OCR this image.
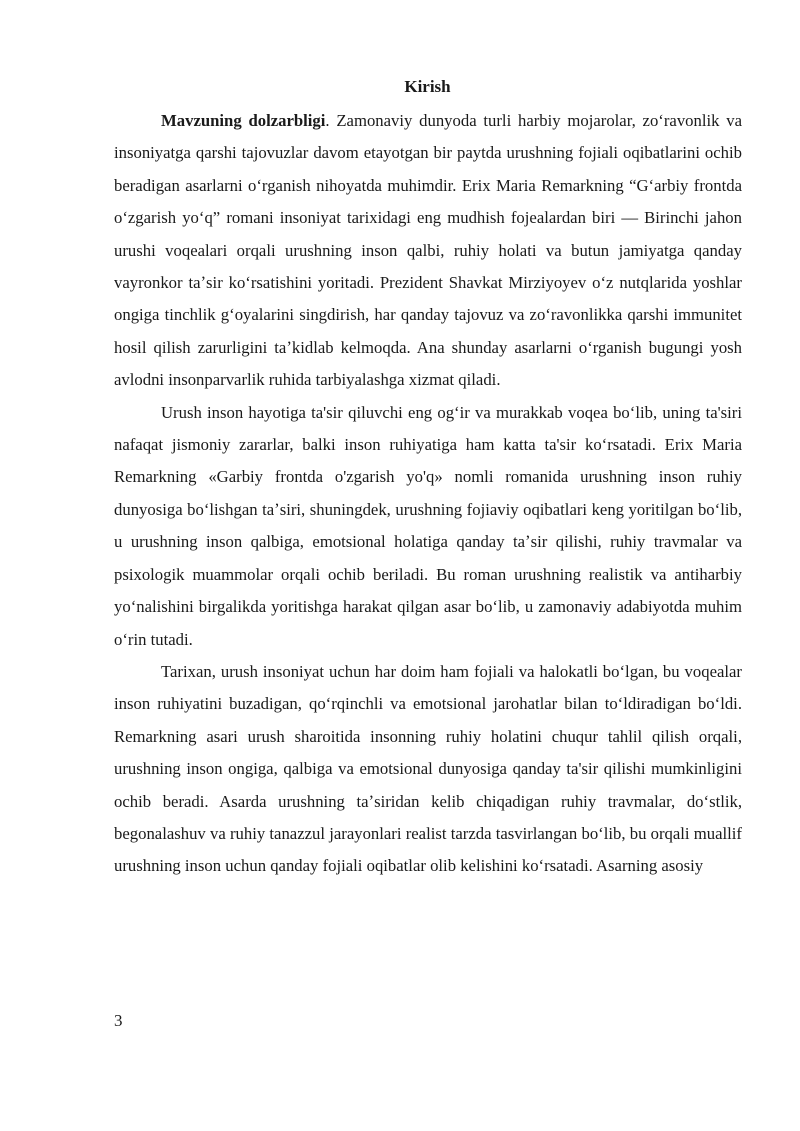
Kirish

Mavzuning dolzarbligi. Zamonaviy dunyoda turli harbiy mojarolar, zoʻravonlik va insoniyatga qarshi tajovuzlar davom etayotgan bir paytda urushning fojiali oqibatlarini ochib beradigan asarlarni oʻrganish nihoyatda muhimdir. Erix Maria Remarkning “Gʻarbiy frontda oʻzgarish yoʻq” romani insoniyat tarixidagi eng mudhish fojealardan biri — Birinchi jahon urushi voqealari orqali urushning inson qalbi, ruhiy holati va butun jamiyatga qanday vayronkor taʼsir koʻrsatishini yoritadi. Prezident Shavkat Mirziyoyev oʻz nutqlarida yoshlar ongiga tinchlik gʻoyalarini singdirish, har qanday tajovuz va zoʻravonlikka qarshi immunitet hosil qilish zarurligini taʼkidlab kelmoqda. Ana shunday asarlarni oʻrganish bugungi yosh avlodni insonparvarlik ruhida tarbiyalashga xizmat qiladi.

Urush inson hayotiga ta'sir qiluvchi eng ogʻir va murakkab voqea boʻlib, uning ta'siri nafaqat jismoniy zararlar, balki inson ruhiyatiga ham katta ta'sir koʻrsatadi. Erix Maria Remarkning «Garbiy frontda o'zgarish yo'q» nomli romanida urushning inson ruhiy dunyosiga boʻlishgan taʼsiri, shuningdek, urushning fojiaviy oqibatlari keng yoritilgan boʻlib, u urushning inson qalbiga, emotsional holatiga qanday taʼsir qilishi, ruhiy travmalar va psixologik muammolar orqali ochib beriladi. Bu roman urushning realistik va antiharbiy yoʻnalishini birgalikda yoritishga harakat qilgan asar boʻlib, u zamonaviy adabiyotda muhim oʻrin tutadi.

Tarixan, urush insoniyat uchun har doim ham fojiali va halokatli boʻlgan, bu voqealar inson ruhiyatini buzadigan, qoʻrqinchli va emotsional jarohatlar bilan toʻldiradigan boʻldi. Remarkning asari urush sharoitida insonning ruhiy holatini chuqur tahlil qilish orqali, urushning inson ongiga, qalbiga va emotsional dunyosiga qanday ta'sir qilishi mumkinligini ochib beradi. Asarda urushning taʼsiridan kelib chiqadigan ruhiy travmalar, doʻstlik, begonalashuv va ruhiy tanazzul jarayonlari realist tarzda tasvirlangan boʻlib, bu orqali muallif urushning inson uchun qanday fojiali oqibatlar olib kelishini koʻrsatadi. Asarning asosiy

3
